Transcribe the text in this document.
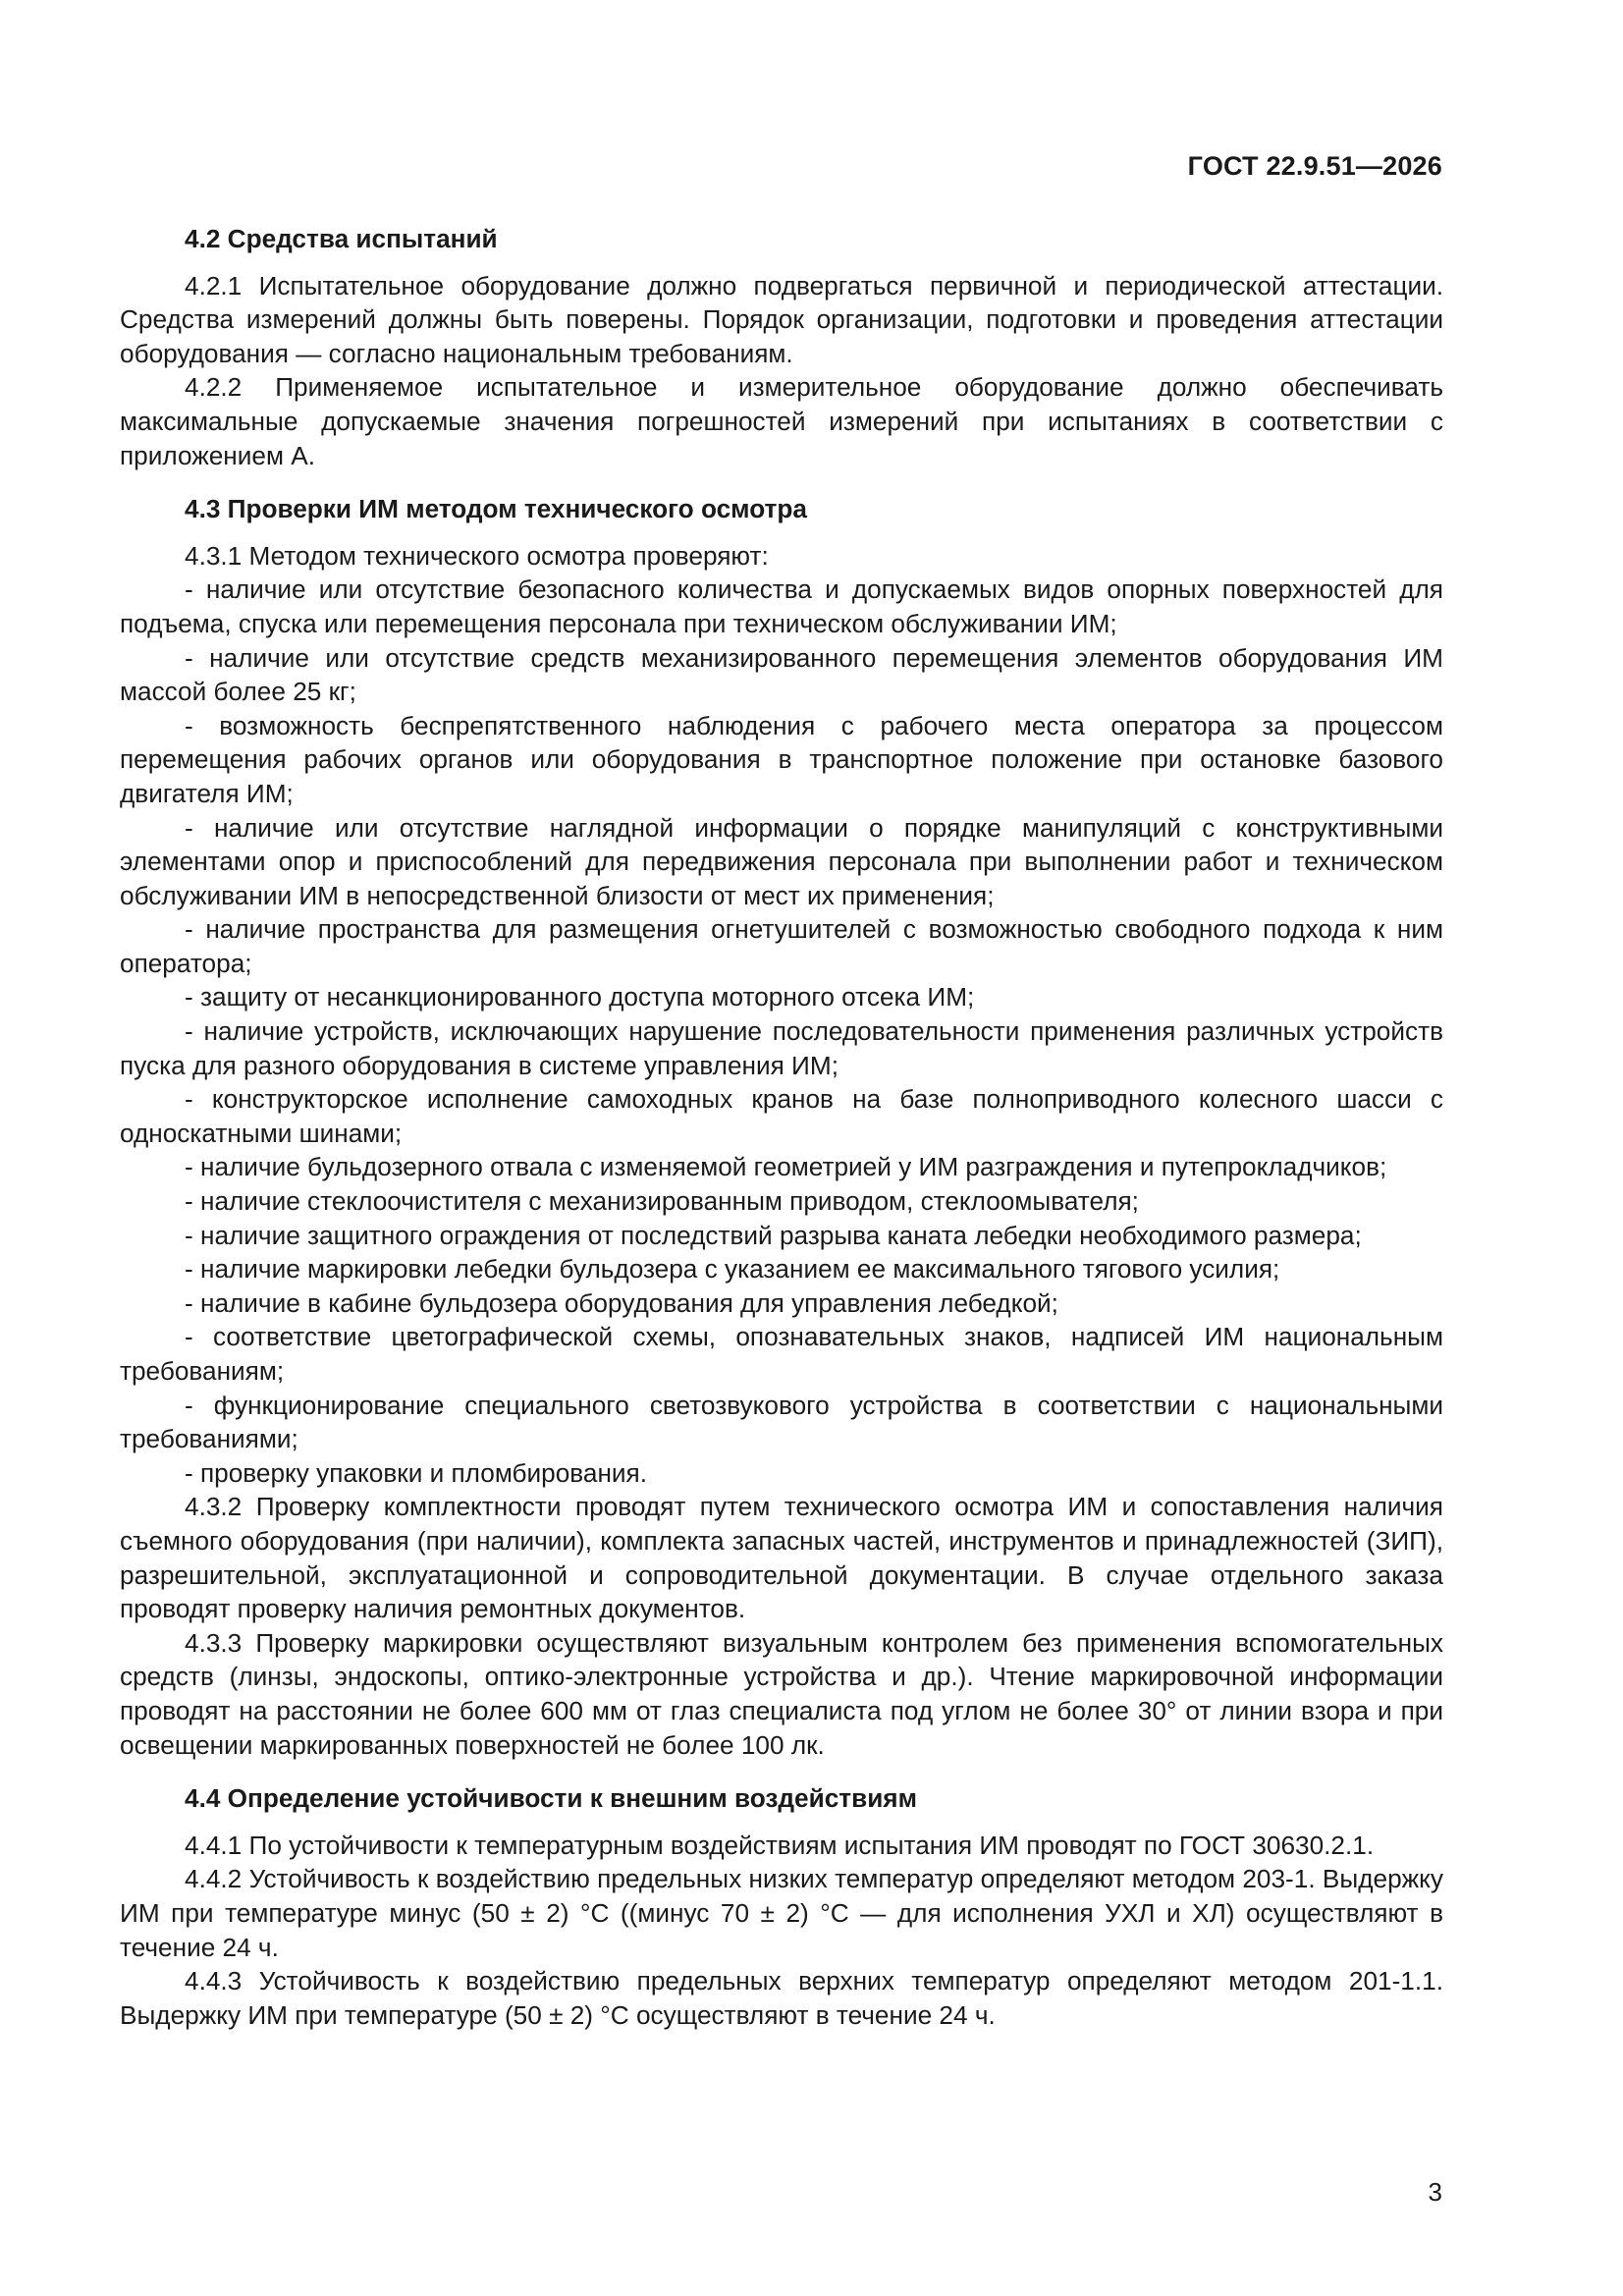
ГОСТ 22.9.51—2026
4.2 Средства испытаний

4.2.1 Испытательное оборудование должно подвергаться первичной и периодической аттестации. Средства измерений должны быть поверены. Порядок организации, подготовки и проведения аттестации оборудования — согласно национальным требованиям.

4.2.2 Применяемое испытательное и измерительное оборудование должно обеспечивать максимальные допускаемые значения погрешностей измерений при испытаниях в соответствии с приложением А.

4.3 Проверки ИМ методом технического осмотра

4.3.1 Методом технического осмотра проверяют:

- наличие или отсутствие безопасного количества и допускаемых видов опорных поверхностей для подъема, спуска или перемещения персонала при техническом обслуживании ИМ;

- наличие или отсутствие средств механизированного перемещения элементов оборудования ИМ массой более 25 кг;

- возможность беспрепятственного наблюдения с рабочего места оператора за процессом перемещения рабочих органов или оборудования в транспортное положение при остановке базового двигателя ИМ;

- наличие или отсутствие наглядной информации о порядке манипуляций с конструктивными элементами опор и приспособлений для передвижения персонала при выполнении работ и техническом обслуживании ИМ в непосредственной близости от мест их применения;

- наличие пространства для размещения огнетушителей с возможностью свободного подхода к ним оператора;

- защиту от несанкционированного доступа моторного отсека ИМ;

- наличие устройств, исключающих нарушение последовательности применения различных устройств пуска для разного оборудования в системе управления ИМ;

- конструкторское исполнение самоходных кранов на базе полноприводного колесного шасси с односкатными шинами;

- наличие бульдозерного отвала с изменяемой геометрией у ИМ разграждения и путепрокладчиков;

- наличие стеклоочистителя с механизированным приводом, стеклоомывателя;

- наличие защитного ограждения от последствий разрыва каната лебедки необходимого размера;

- наличие маркировки лебедки бульдозера с указанием ее максимального тягового усилия;

- наличие в кабине бульдозера оборудования для управления лебедкой;

- соответствие цветографической схемы, опознавательных знаков, надписей ИМ национальным требованиям;

- функционирование специального светозвукового устройства в соответствии с национальными требованиями;

- проверку упаковки и пломбирования.

4.3.2 Проверку комплектности проводят путем технического осмотра ИМ и сопоставления наличия съемного оборудования (при наличии), комплекта запасных частей, инструментов и принадлежностей (ЗИП), разрешительной, эксплуатационной и сопроводительной документации. В случае отдельного заказа проводят проверку наличия ремонтных документов.

4.3.3 Проверку маркировки осуществляют визуальным контролем без применения вспомогательных средств (линзы, эндоскопы, оптико-электронные устройства и др.). Чтение маркировочной информации проводят на расстоянии не более 600 мм от глаз специалиста под углом не более 30° от линии взора и при освещении маркированных поверхностей не более 100 лк.

4.4 Определение устойчивости к внешним воздействиям

4.4.1 По устойчивости к температурным воздействиям испытания ИМ проводят по ГОСТ 30630.2.1.

4.4.2 Устойчивость к воздействию предельных низких температур определяют методом 203-1. Выдержку ИМ при температуре минус (50 ± 2) °С ((минус 70 ± 2) °С — для исполнения УХЛ и ХЛ) осуществляют в течение 24 ч.

4.4.3 Устойчивость к воздействию предельных верхних температур определяют методом 201-1.1. Выдержку ИМ при температуре (50 ± 2) °С осуществляют в течение 24 ч.

3
